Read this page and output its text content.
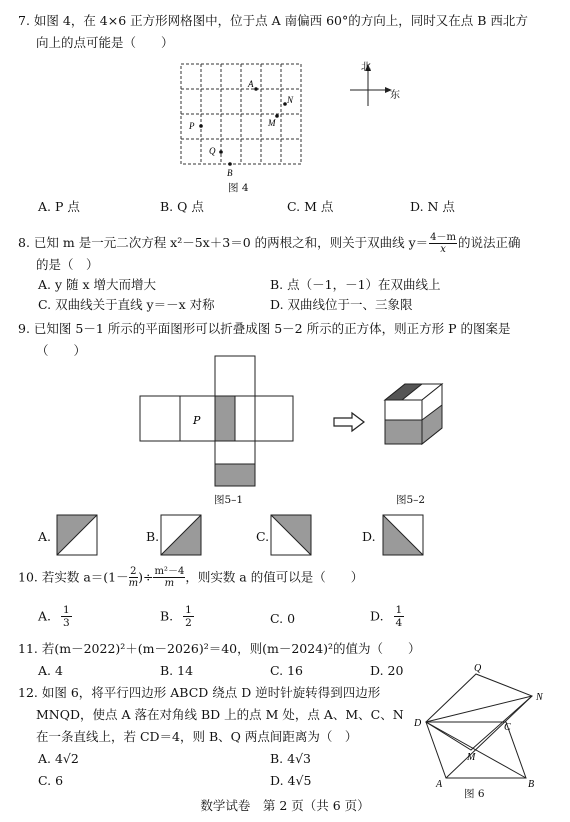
7. 如图 4，在 4×6 正方形网格图中，位于点 A 南偏西 60°的方向上，同时又在点 B 西北方
向上的点可能是（　　）
A
N
M
P
Q
B
北
东
图 4
A. P 点	B. Q 点	C. M 点	D. N 点
8. 已知 m 是一元二次方程 x²－5x＋3＝0 的两根之和，则关于双曲线 $y= \frac{4-m}{x}$ 的说法正确
的是（　）
A. y 随 x 增大而增大	B. 点（－1，－1）在双曲线上
C. 双曲线关于直线 y＝－x 对称	D. 双曲线位于一、三象限
9. 已知图 5－1 所示的平面图形可以折叠成图 5－2 所示的正方体，则正方形 P 的图案是
（　　）
P
图5–1	图5–2
A.	B.	C.	D.
10. 若实数 $a=(1- \frac{2}{m}$ )÷ $\frac{\text{m²－4}}{m}$ ，则实数 a 的值可以是（　　）
A. $\frac{1}{3}$	B. $\frac{1}{2}$	C. 0	D. $\frac{1}{4}$
11. 若(m－2022)²＋(m－2026)²＝40，则(m－2024)²的值为（　　）
A. 4	B. 14	C. 16	D. 20
12. 如图 6，将平行四边形 ABCD 绕点 D 逆时针旋转得到四边形
MNQD，使点 A 落在对角线 BD 上的点 M 处，点 A、M、C、N
在一条直线上，若 CD＝4，则 B、Q 两点间距离为（　）
A. 4√2	B. 4√3
C. 6	D. 4√5
Q
N
D	C
M
A	B
图 6
数学试卷　第 2 页（共 6 页）
